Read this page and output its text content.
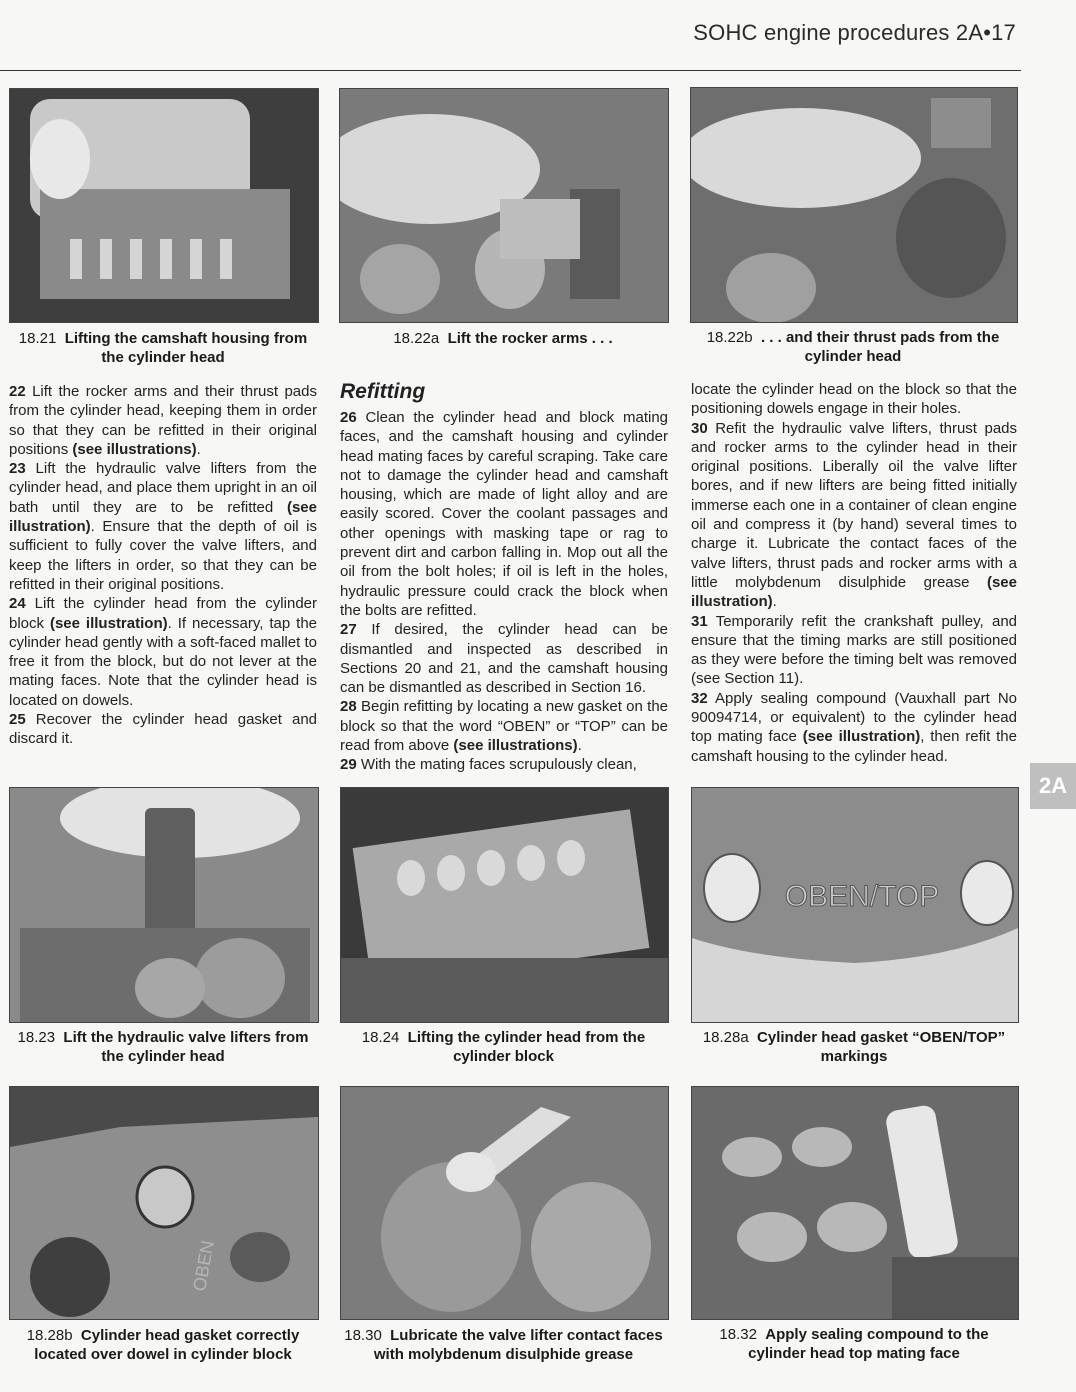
SOHC engine procedures 2A•17
18.21 Lifting the camshaft housing from the cylinder head
18.22a Lift the rocker arms . . .	18.22b . . . and their thrust pads from the cylinder head

22 Lift the rocker arms and their thrust pads from the cylinder head, keeping them in order so that they can be refitted in their original positions (see illustrations).

23 Lift the hydraulic valve lifters from the cylinder head, and place them upright in an oil bath until they are to be refitted (see illustration). Ensure that the depth of oil is sufficient to fully cover the valve lifters, and keep the lifters in order, so that they can be refitted in their original positions.

24 Lift the cylinder head from the cylinder block (see illustration). If necessary, tap the cylinder head gently with a soft-faced mallet to free it from the block, but do not lever at the mating faces. Note that the cylinder head is located on dowels.

25 Recover the cylinder head gasket and discard it.

Refitting

26 Clean the cylinder head and block mating faces, and the camshaft housing and cylinder head mating faces by careful scraping. Take care not to damage the cylinder head and camshaft housing, which are made of light alloy and are easily scored. Cover the coolant passages and other openings with masking tape or rag to prevent dirt and carbon falling in. Mop out all the oil from the bolt holes; if oil is left in the holes, hydraulic pressure could crack the block when the bolts are refitted.

27 If desired, the cylinder head can be dismantled and inspected as described in Sections 20 and 21, and the camshaft housing can be dismantled as described in Section 16.

28 Begin refitting by locating a new gasket on the block so that the word “OBEN” or “TOP” can be read from above (see illustrations).

29 With the mating faces scrupulously clean,

locate the cylinder head on the block so that the positioning dowels engage in their holes.

30 Refit the hydraulic valve lifters, thrust pads and rocker arms to the cylinder head in their original positions. Liberally oil the valve lifter bores, and if new lifters are being fitted initially immerse each one in a container of clean engine oil and compress it (by hand) several times to charge it. Lubricate the contact faces of the valve lifters, thrust pads and rocker arms with a little molybdenum disulphide grease (see illustration).

31 Temporarily refit the crankshaft pulley, and ensure that the timing marks are still positioned as they were before the timing belt was removed (see Section 11).

32 Apply sealing compound (Vauxhall part No 90094714, or equivalent) to the cylinder head top mating face (see illustration), then refit the camshaft housing to the cylinder head.

2A
OBEN/TOP
18.23 Lift the hydraulic valve lifters from the cylinder head
18.24 Lifting the cylinder head from the cylinder block
18.28a Cylinder head gasket “OBEN/TOP” markings
OBEN
18.28b Cylinder head gasket correctly located over dowel in cylinder block
18.30 Lubricate the valve lifter contact faces with molybdenum disulphide grease
18.32 Apply sealing compound to the cylinder head top mating face
